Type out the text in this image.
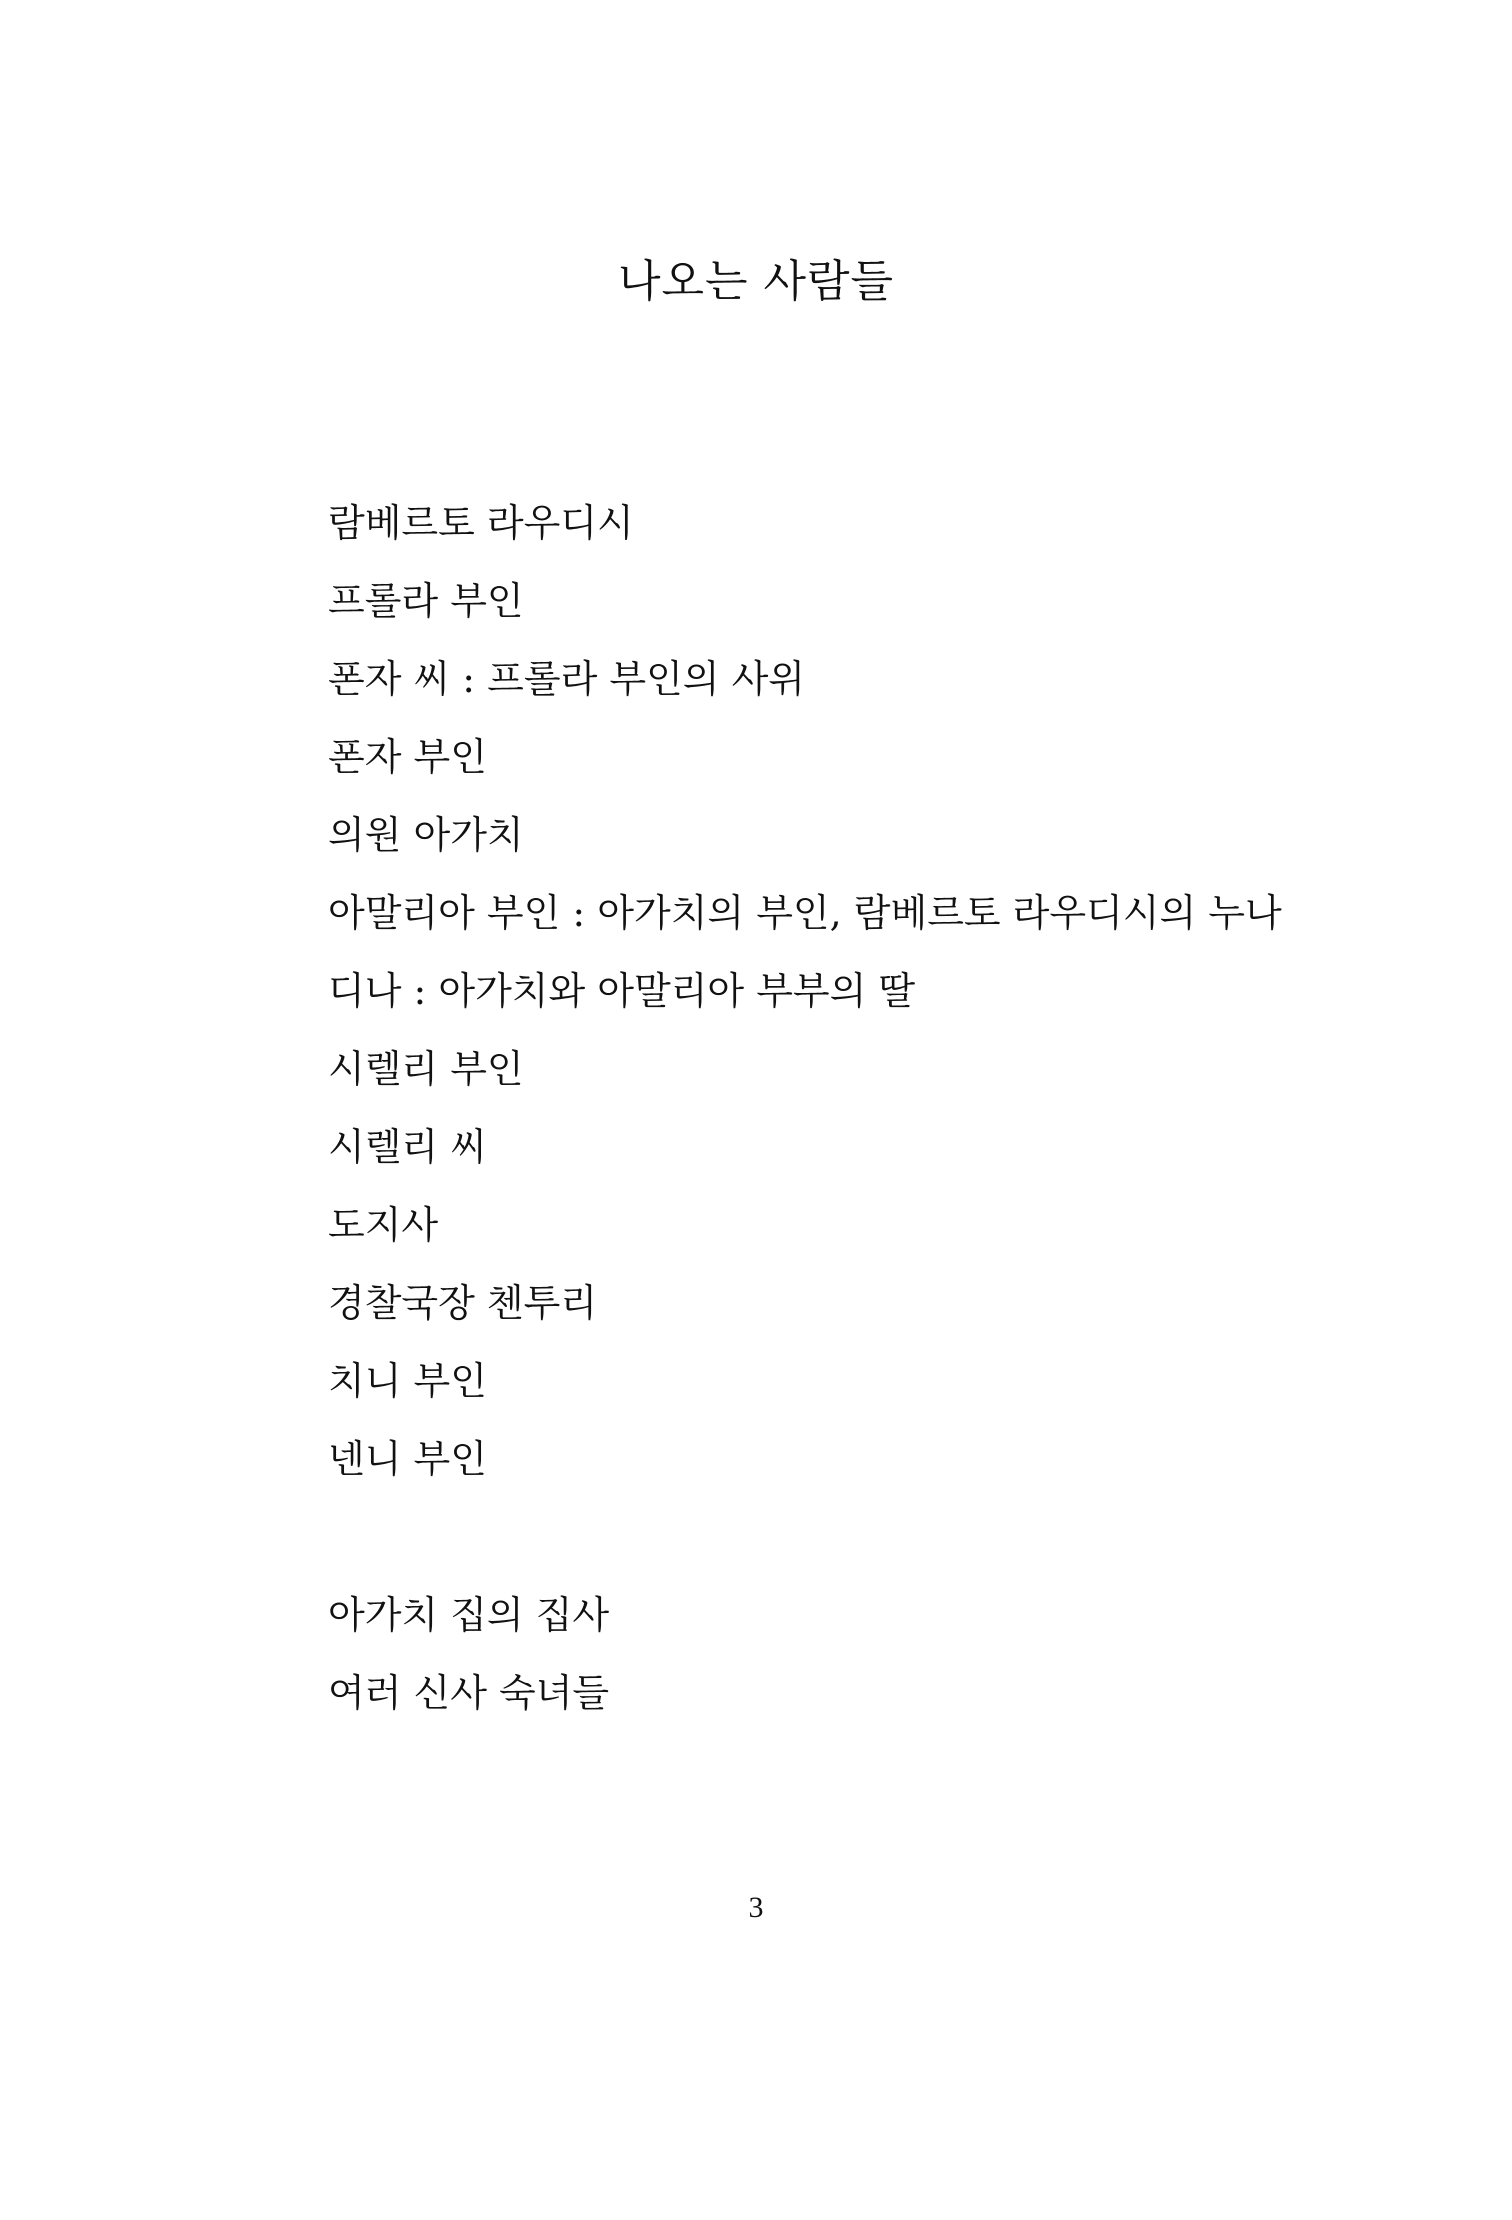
나오는 사람들
람베르토 라우디시
프롤라 부인
폰자 씨 : 프롤라 부인의 사위
폰자 부인
의원 아가치
아말리아 부인 : 아가치의 부인, 람베르토 라우디시의 누나
디나 : 아가치와 아말리아 부부의 딸
시렐리 부인
시렐리 씨
도지사
경찰국장 첸투리
치니 부인
넨니 부인
아가치 집의 집사
여러 신사 숙녀들
3
